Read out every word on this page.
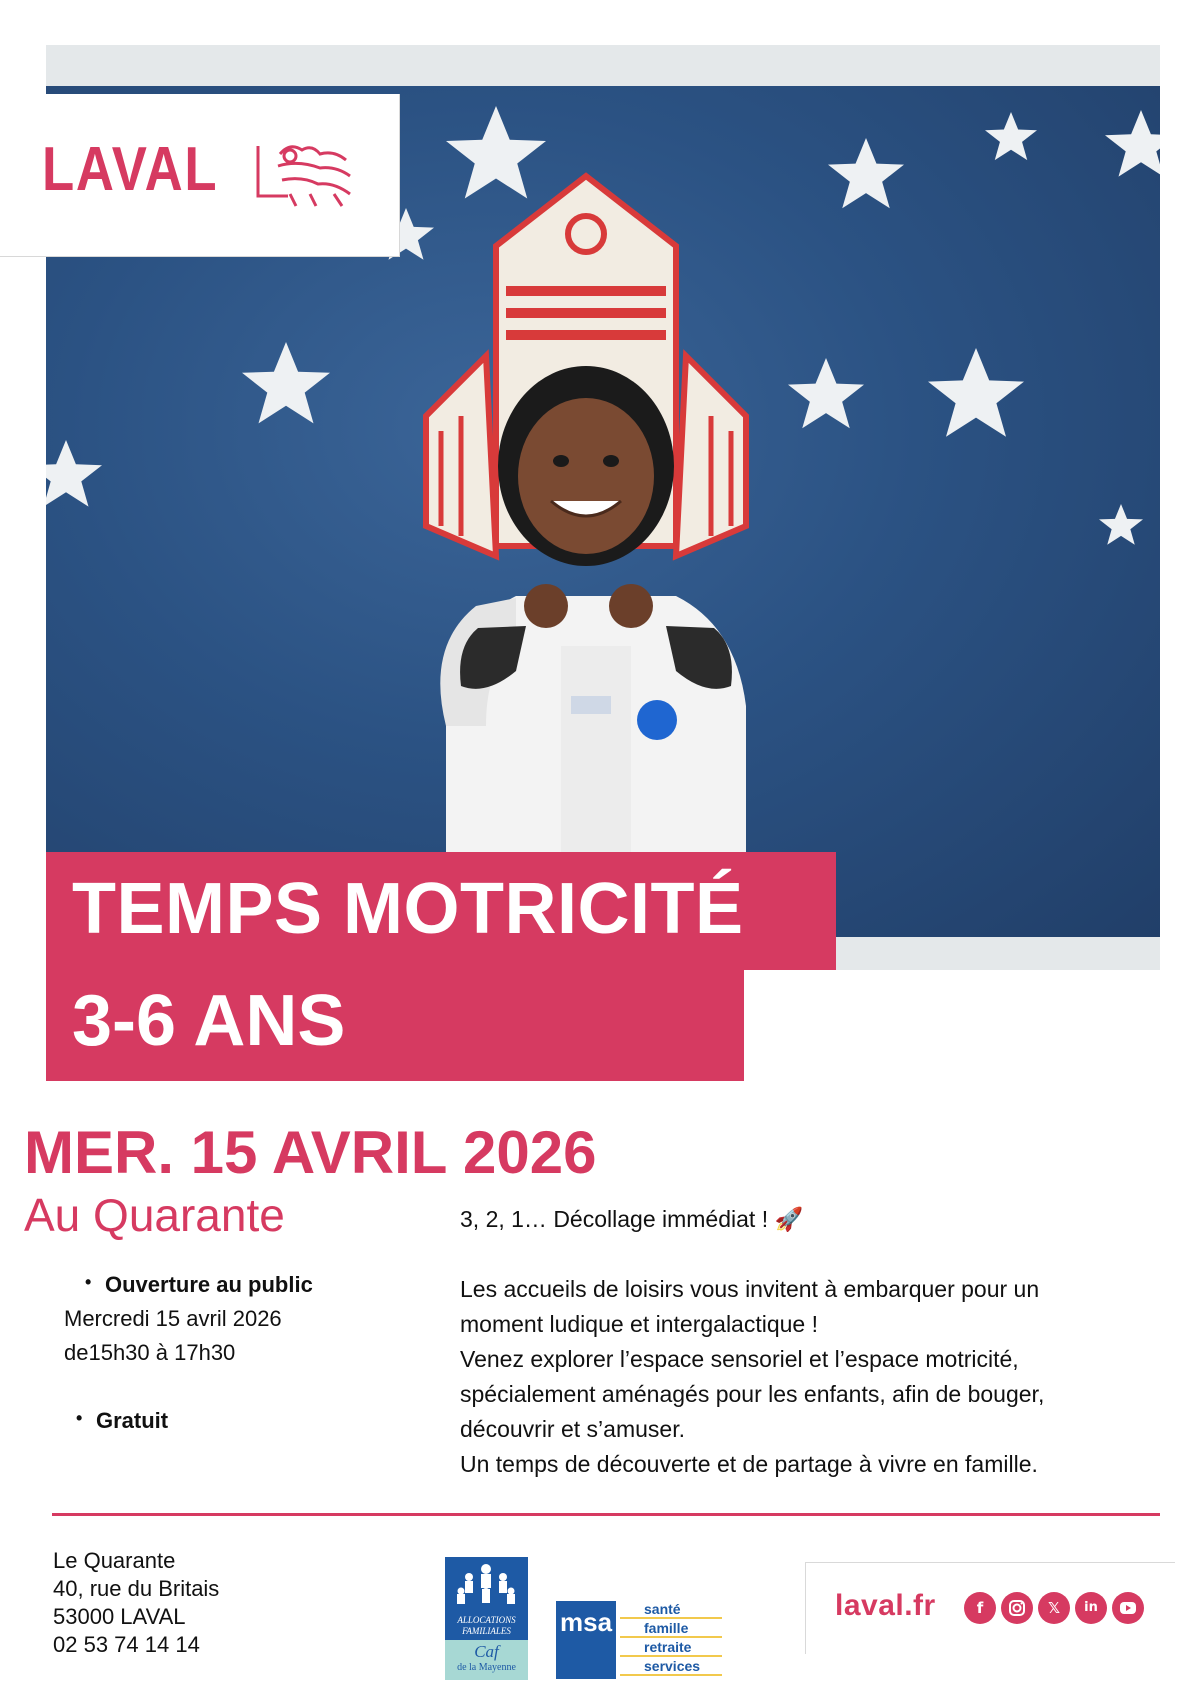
LAVAL
TEMPS MOTRICITÉ
3-6 ANS
MER. 15 AVRIL 2026
Au Quarante
• Ouverture au public
Mercredi 15 avril 2026
de15h30 à 17h30
• Gratuit
3, 2, 1… Décollage immédiat ! 🚀
Les accueils de loisirs vous invitent à embarquer pour un
moment ludique et intergalactique !
Venez explorer l’espace sensoriel et l’espace motricité,
spécialement aménagés pour les enfants, afin de bouger,
découvrir et s’amuser.
Un temps de découverte et de partage à vivre en famille.
Le Quarante
40, rue du Britais
53000 LAVAL
02 53 74 14 14
ALLOCATIONS
FAMILIALES
Caf
de la Mayenne
msa	santé
famille
retraite
services
laval.fr	f	𝕏	in
